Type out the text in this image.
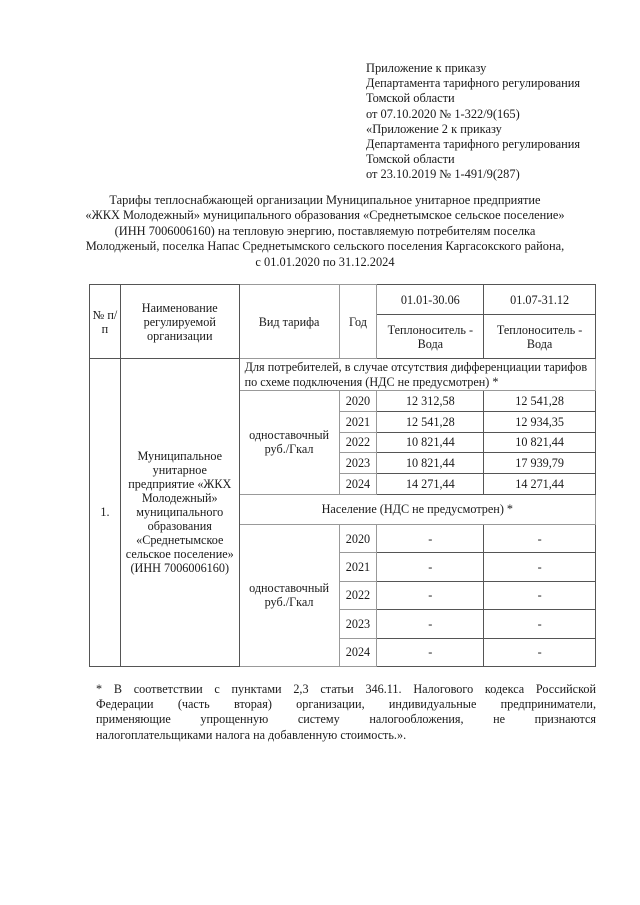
Приложение к приказу
Департамента тарифного регулирования
Томской области
от 07.10.2020 № 1-322/9(165)
«Приложение 2 к приказу
Департамента тарифного регулирования
Томской области
от 23.10.2019 № 1-491/9(287)
Тарифы теплоснабжающей организации Муниципальное унитарное предприятие
«ЖКХ Молодежный» муниципального образования «Среднетымское сельское поселение»
(ИНН 7006006160) на тепловую энергию, поставляемую потребителям поселка
Молодженый, поселка Напас Среднетымского сельского поселения Каргасокского района,
с 01.01.2020 по 31.12.2024
№ п/п	Наименование регулируемой организации	Вид тарифа	Год	01.01-30.06	01.07-31.12
				Теплоноситель - Вода	Теплоноситель - Вода
1.	Муниципальное унитарное предприятие «ЖКХ Молодежный» муниципального образования «Среднетымское сельское поселение» (ИНН 7006006160)	Для потребителей, в случае отсутствия дифференциации тарифов по схеме подключения (НДС не предусмотрен) *			
		одноставочный руб./Гкал	2020	12 312,58	12 541,28
			2021	12 541,28	12 934,35
			2022	10 821,44	10 821,44
			2023	10 821,44	17 939,79
			2024	14 271,44	14 271,44
		Население (НДС не предусмотрен) *			
		одноставочный руб./Гкал	2020	-	-
			2021	-	-
			2022	-	-
			2023	-	-
			2024	-	-
* В соответствии с пунктами 2,3 статьи 346.11. Налогового кодекса Российской
Федерации (часть вторая) организации, индивидуальные предприниматели,
применяющие упрощенную систему налогообложения, не признаются
налогоплательщиками налога на добавленную стоимость.».
